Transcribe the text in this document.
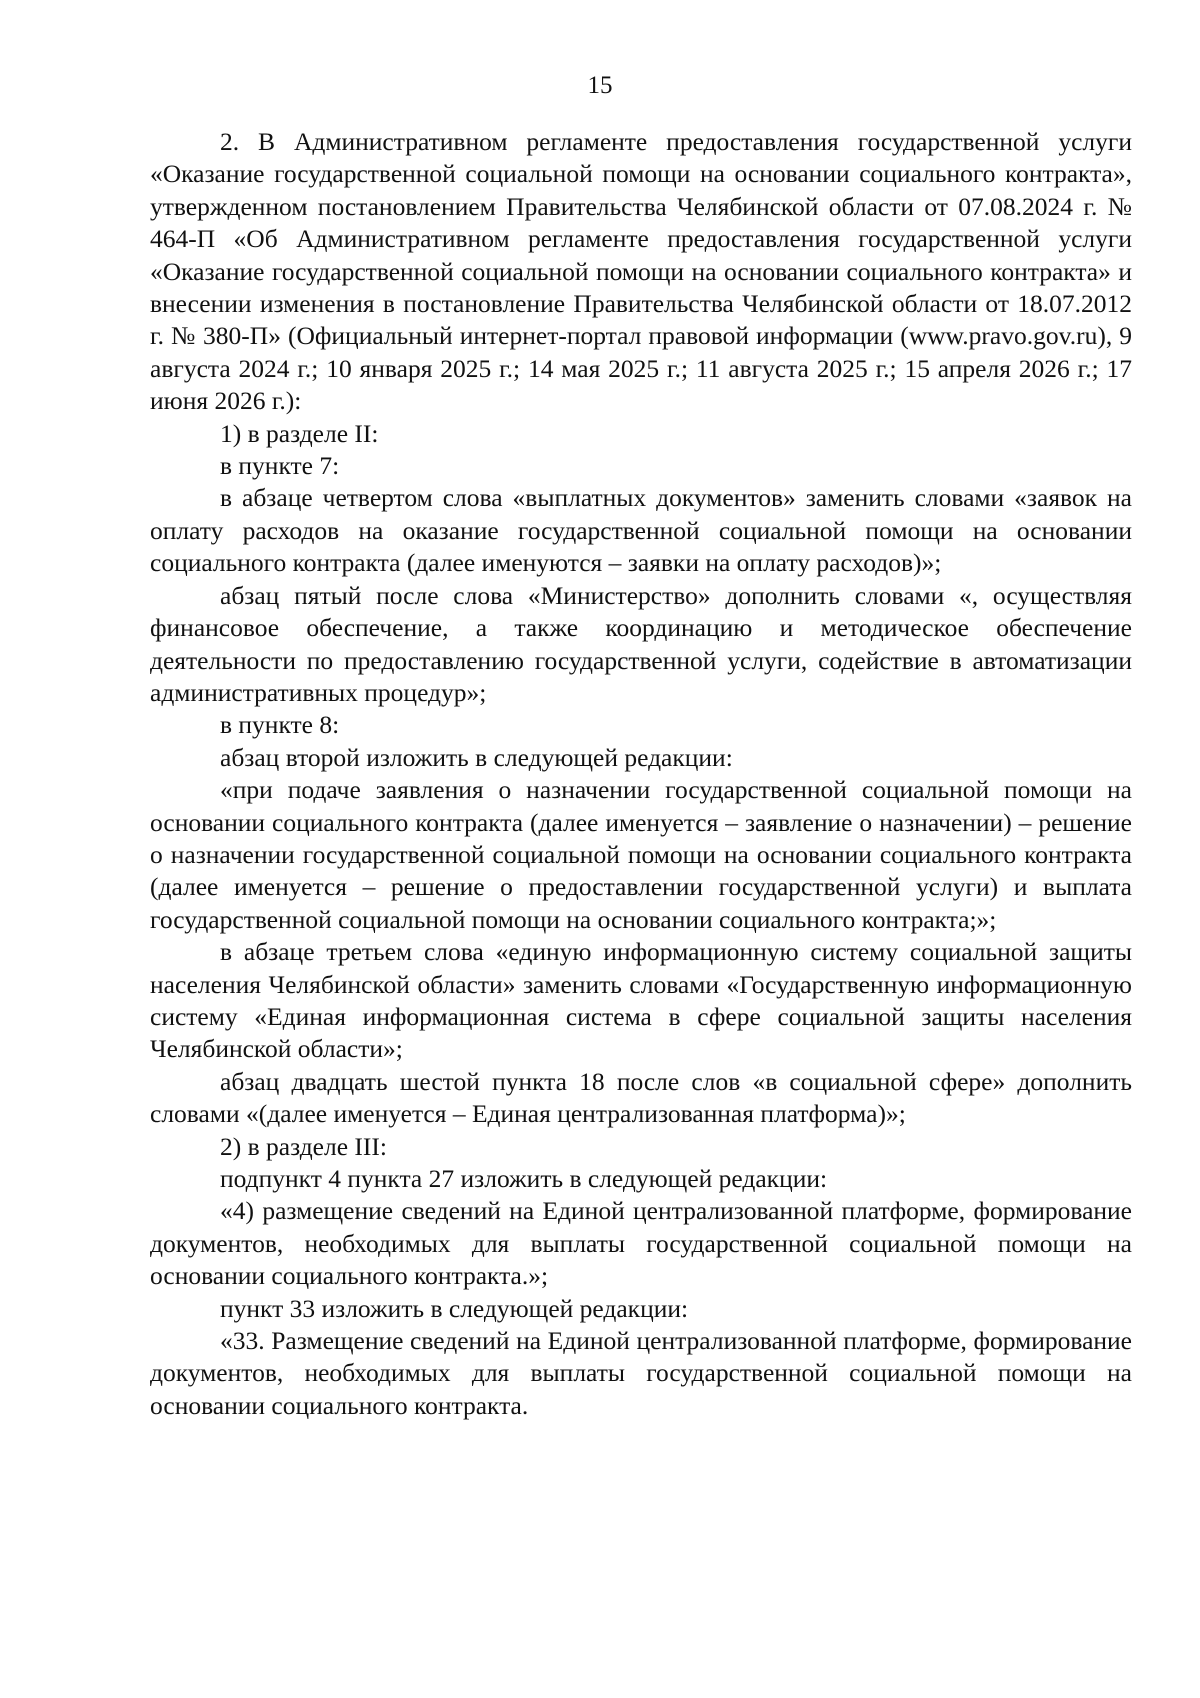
15

2. В Административном регламенте предоставления государственной услуги «Оказание государственной социальной помощи на основании социального контракта», утвержденном постановлением Правительства Челябинской области от 07.08.2024 г. № 464-П «Об Административном регламенте предоставления государственной услуги «Оказание государственной социальной помощи на основании социального контракта» и внесении изменения в постановление Правительства Челябинской области от 18.07.2012 г. № 380-П» (Официальный интернет-портал правовой информации (www.pravo.gov.ru), 9 августа 2024 г.; 10 января 2025 г.; 14 мая 2025 г.; 11 августа 2025 г.; 15 апреля 2026 г.; 17 июня 2026 г.):

1) в разделе II:

в пункте 7:

в абзаце четвертом слова «выплатных документов» заменить словами «заявок на оплату расходов на оказание государственной социальной помощи на основании социального контракта (далее именуются – заявки на оплату расходов)»;

абзац пятый после слова «Министерство» дополнить словами «, осуществляя финансовое обеспечение, а также координацию и методическое обеспечение деятельности по предоставлению государственной услуги, содействие в автоматизации административных процедур»;

в пункте 8:

абзац второй изложить в следующей редакции:

«при подаче заявления о назначении государственной социальной помощи на основании социального контракта (далее именуется – заявление о назначении) – решение о назначении государственной социальной помощи на основании социального контракта (далее именуется – решение о предоставлении государственной услуги) и выплата государственной социальной помощи на основании социального контракта;»;

в абзаце третьем слова «единую информационную систему социальной защиты населения Челябинской области» заменить словами «Государственную информационную систему «Единая информационная система в сфере социальной защиты населения Челябинской области»;

абзац двадцать шестой пункта 18 после слов «в социальной сфере» дополнить словами «(далее именуется – Единая централизованная платформа)»;

2) в разделе III:

подпункт 4 пункта 27 изложить в следующей редакции:

«4) размещение сведений на Единой централизованной платформе, формирование документов, необходимых для выплаты государственной социальной помощи на основании социального контракта.»;

пункт 33 изложить в следующей редакции:

«33. Размещение сведений на Единой централизованной платформе, формирование документов, необходимых для выплаты государственной социальной помощи на основании социального контракта.
